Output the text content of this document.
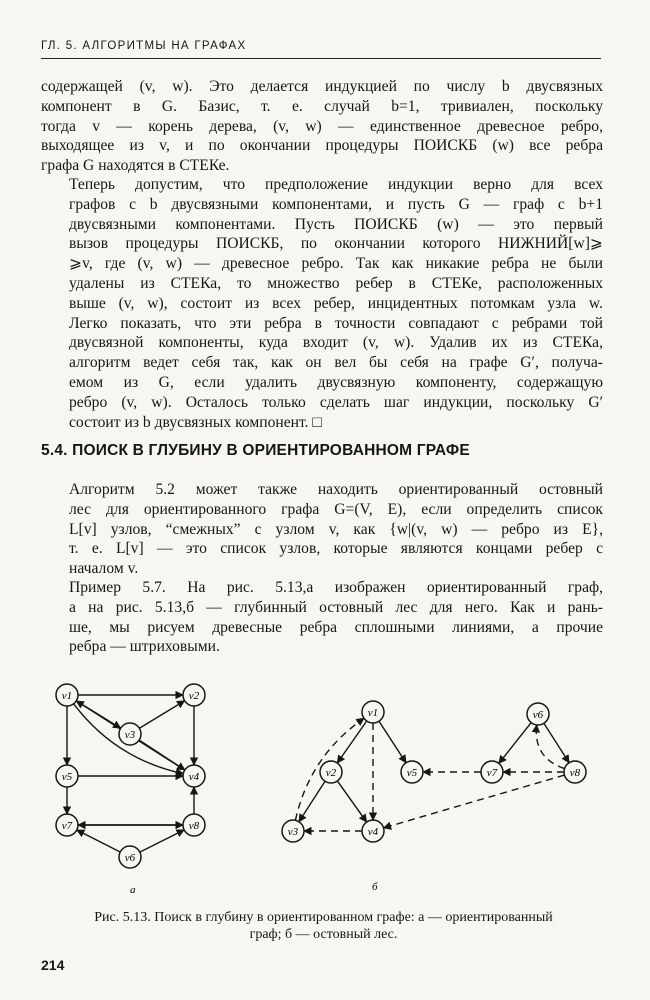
ГЛ. 5. АЛГОРИТМЫ НА ГРАФАХ

содержащей (v, w). Это делается индукцией по числу b двусвязных
компонент в G. Базис, т. е. случай b=1, тривиален, поскольку
тогда v — корень дерева, (v, w) — единственное древесное ребро,
выходящее из v, и по окончании процедуры ПОИСКБ (w) все ребра
графа G находятся в СТЕКе.

Теперь допустим, что предположение индукции верно для всех
графов с b двусвязными компонентами, и пусть G — граф с b+1
двусвязными компонентами. Пусть ПОИСКБ (w) — это первый
вызов процедуры ПОИСКБ, по окончании которого НИЖНИЙ[w]⩾
⩾v, где (v, w) — древесное ребро. Так как никакие ребра не были
удалены из СТЕКа, то множество ребер в СТЕКе, расположенных
выше (v, w), состоит из всех ребер, инцидентных потомкам узла w.
Легко показать, что эти ребра в точности совпадают с ребрами той
двусвязной компоненты, куда входит (v, w). Удалив их из СТЕКа,
алгоритм ведет себя так, как он вел бы себя на графе G′, получа-
емом из G, если удалить двусвязную компоненту, содержащую
ребро (v, w). Осталось только сделать шаг индукции, поскольку G′
состоит из b двусвязных компонент. □

5.4. ПОИСК В ГЛУБИНУ В ОРИЕНТИРОВАННОМ ГРАФЕ

Алгоритм 5.2 может также находить ориентированный остовный
лес для ориентированного графа G=(V, E), если определить список
L[v] узлов, “смежных” с узлом v, как {w|(v, w) — ребро из E},
т. е. L[v] — это список узлов, которые являются концами ребер с
началом v.

Пример 5.7. На рис. 5.13,a изображен ориентированный граф,
а на рис. 5.13,б — глубинный остовный лес для него. Как и рань-
ше, мы рисуем древесные ребра сплошными линиями, а прочие
ребра — штриховыми.

v1	v2
v3
v4
v5
v6
v7	v8
v1
v2
v3	v4
v5
v6
v7	v8
a	б
Рис. 5.13. Поиск в глубину в ориентированном графе: а — ориентированный
граф; б — остовный лес.
214
